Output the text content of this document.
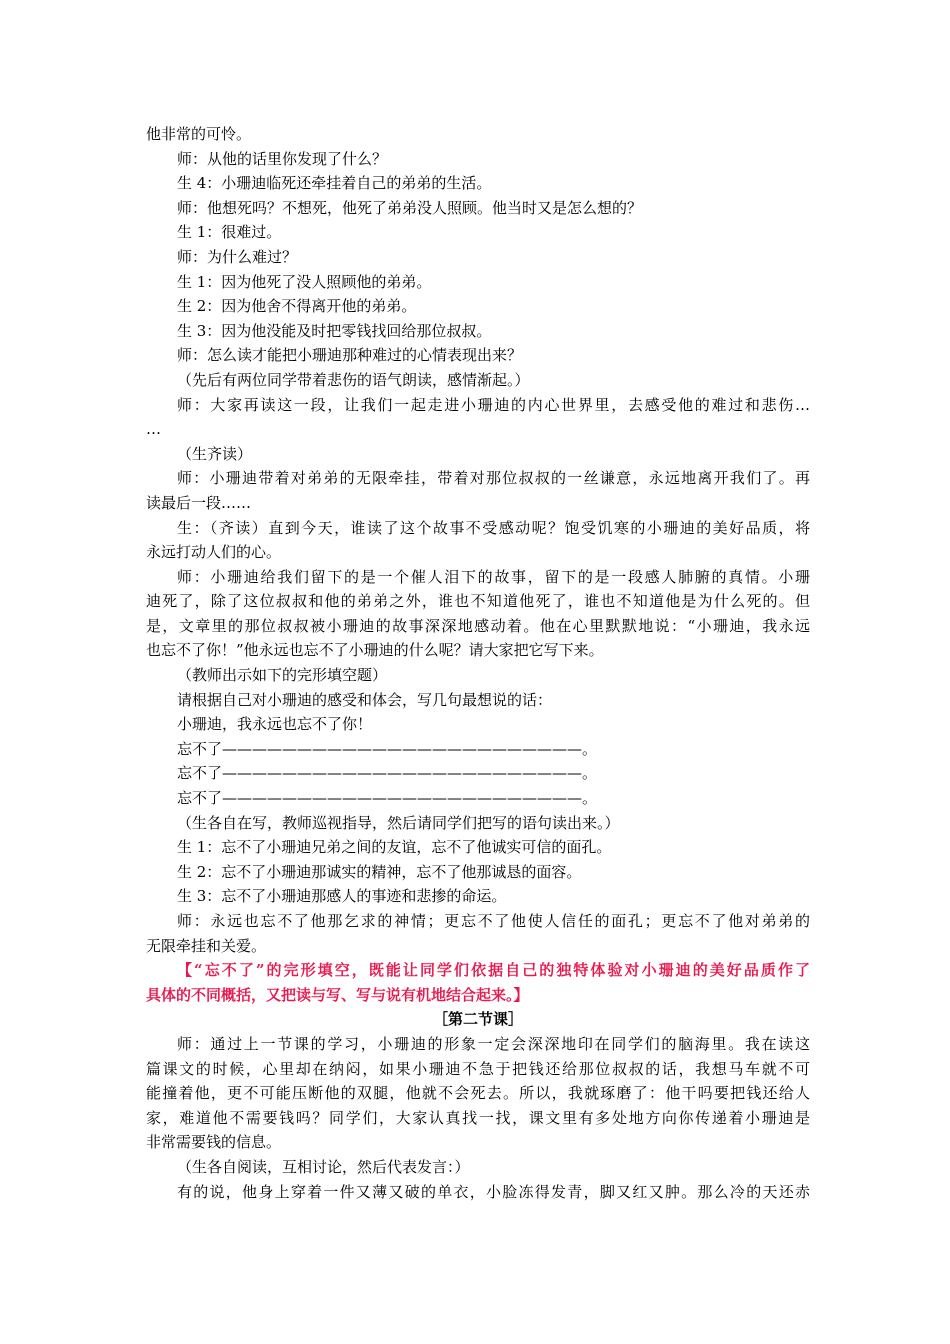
他非常的可怜。
师：从他的话里你发现了什么？
生 4：小珊迪临死还牵挂着自己的弟弟的生活。
师：他想死吗？不想死，他死了弟弟没人照顾。他当时又是怎么想的？
生 1：很难过。
师：为什么难过？
生 1：因为他死了没人照顾他的弟弟。
生 2：因为他舍不得离开他的弟弟。
生 3：因为他没能及时把零钱找回给那位叔叔。
师：怎么读才能把小珊迪那种难过的心情表现出来？
（先后有两位同学带着悲伤的语气朗读，感情渐起。）
师：大家再读这一段，让我们一起走进小珊迪的内心世界里，去感受他的难过和悲伤…
…
（生齐读）
师：小珊迪带着对弟弟的无限牵挂，带着对那位叔叔的一丝谦意，永远地离开我们了。再
读最后一段……
生：（齐读）直到今天，谁读了这个故事不受感动呢？饱受饥寒的小珊迪的美好品质，将
永远打动人们的心。
师：小珊迪给我们留下的是一个催人泪下的故事，留下的是一段感人肺腑的真情。小珊
迪死了，除了这位叔叔和他的弟弟之外，谁也不知道他死了，谁也不知道他是为什么死的。但
是，文章里的那位叔叔被小珊迪的故事深深地感动着。他在心里默默地说：“小珊迪，我永远
也忘不了你！”他永远也忘不了小珊迪的什么呢？请大家把它写下来。
（教师出示如下的完形填空题）
请根据自己对小珊迪的感受和体会，写几句最想说的话：
小珊迪，我永远也忘不了你！
忘不了————————————————————————。
忘不了————————————————————————。
忘不了————————————————————————。
（生各自在写，教师巡视指导，然后请同学们把写的语句读出来。）
生 1：忘不了小珊迪兄弟之间的友谊，忘不了他诚实可信的面孔。
生 2：忘不了小珊迪那诚实的精神，忘不了他那诚恳的面容。
生 3：忘不了小珊迪那感人的事迹和悲掺的命运。
师：永远也忘不了他那乞求的神情；更忘不了他使人信任的面孔；更忘不了他对弟弟的
无限牵挂和关爱。
【“忘不了”的完形填空，既能让同学们依据自己的独特体验对小珊迪的美好品质作了
具体的不同概括，又把读与写、写与说有机地结合起来。】
［第二节课］
师：通过上一节课的学习，小珊迪的形象一定会深深地印在同学们的脑海里。我在读这
篇课文的时候，心里却在纳闷，如果小珊迪不急于把钱还给那位叔叔的话，我想马车就不可
能撞着他，更不可能压断他的双腿，他就不会死去。所以，我就琢磨了：他干吗要把钱还给人
家，难道他不需要钱吗？同学们，大家认真找一找，课文里有多处地方向你传递着小珊迪是
非常需要钱的信息。
（生各自阅读，互相讨论，然后代表发言：）
有的说，他身上穿着一件又薄又破的单衣，小脸冻得发青，脚又红又肿。那么冷的天还赤
